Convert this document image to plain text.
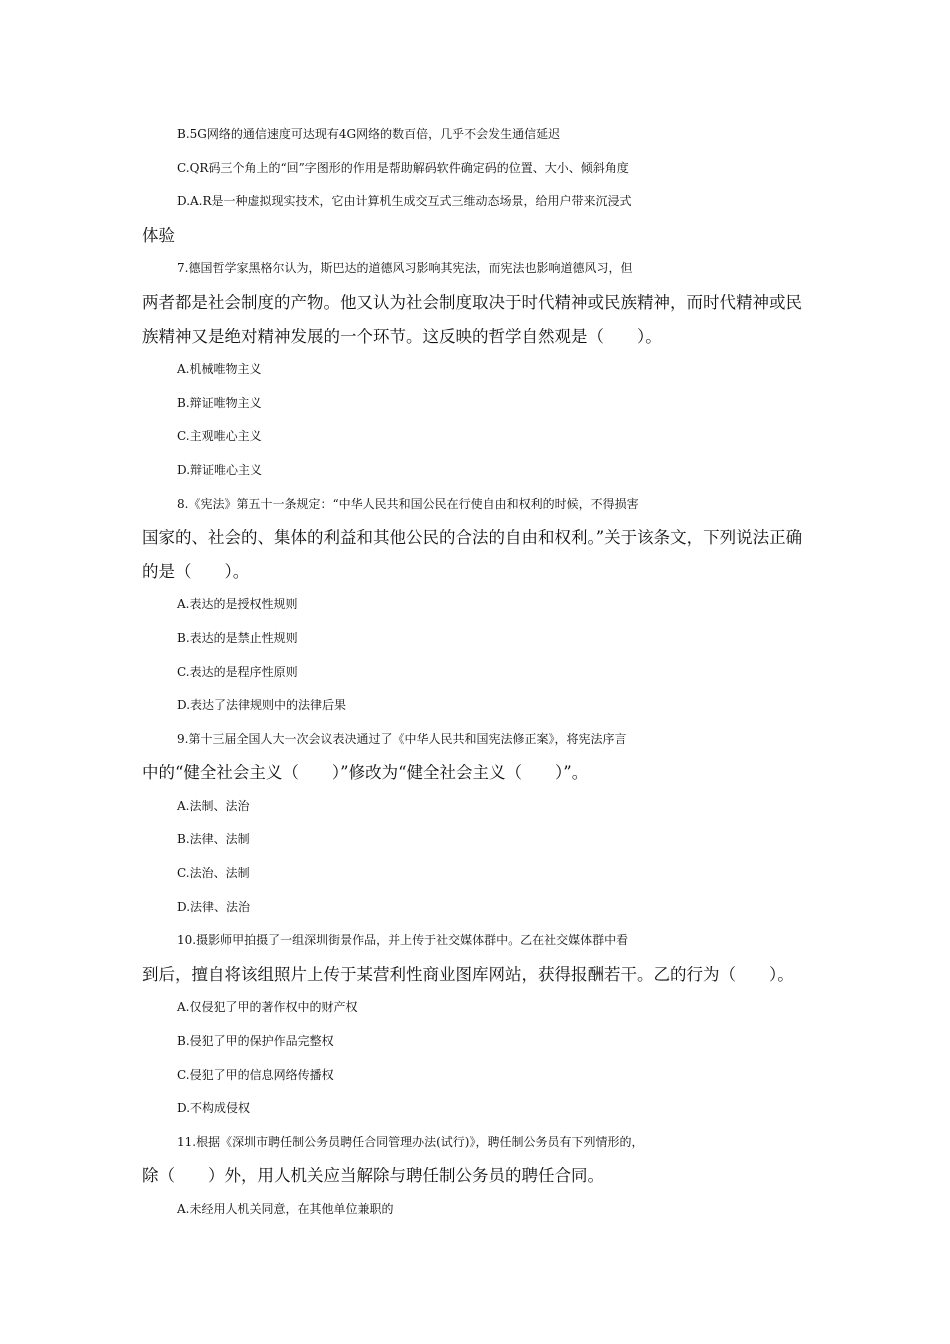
B.5G网络的通信速度可达现有4G网络的数百倍，几乎不会发生通信延迟
C.QR码三个角上的“回”字图形的作用是帮助解码软件确定码的位置、大小、倾斜角度
D.A.R是一种虚拟现实技术，它由计算机生成交互式三维动态场景，给用户带来沉浸式
体验
7.德国哲学家黑格尔认为，斯巴达的道德风习影响其宪法，而宪法也影响道德风习，但
两者都是社会制度的产物。他又认为社会制度取决于时代精神或民族精神，而时代精神或民
族精神又是绝对精神发展的一个环节。这反映的哲学自然观是（　　）。
A.机械唯物主义
B.辩证唯物主义
C.主观唯心主义
D.辩证唯心主义
8.《宪法》第五十一条规定：“中华人民共和国公民在行使自由和权利的时候，不得损害
国家的、社会的、集体的利益和其他公民的合法的自由和权利。”关于该条文，下列说法正确
的是（　　）。
A.表达的是授权性规则
B.表达的是禁止性规则
C.表达的是程序性原则
D.表达了法律规则中的法律后果
9.第十三届全国人大一次会议表决通过了《中华人民共和国宪法修正案》，将宪法序言
中的“健全社会主义（　　）”修改为“健全社会主义（　　）”。
A.法制、法治
B.法律、法制
C.法治、法制
D.法律、法治
10.摄影师甲拍摄了一组深圳街景作品，并上传于社交媒体群中。乙在社交媒体群中看
到后，擅自将该组照片上传于某营利性商业图库网站，获得报酬若干。乙的行为（　　）。
A.仅侵犯了甲的著作权中的财产权
B.侵犯了甲的保护作品完整权
C.侵犯了甲的信息网络传播权
D.不构成侵权
11.根据《深圳市聘任制公务员聘任合同管理办法(试行)》，聘任制公务员有下列情形的，
除（　　）外，用人机关应当解除与聘任制公务员的聘任合同。
A.未经用人机关同意，在其他单位兼职的
